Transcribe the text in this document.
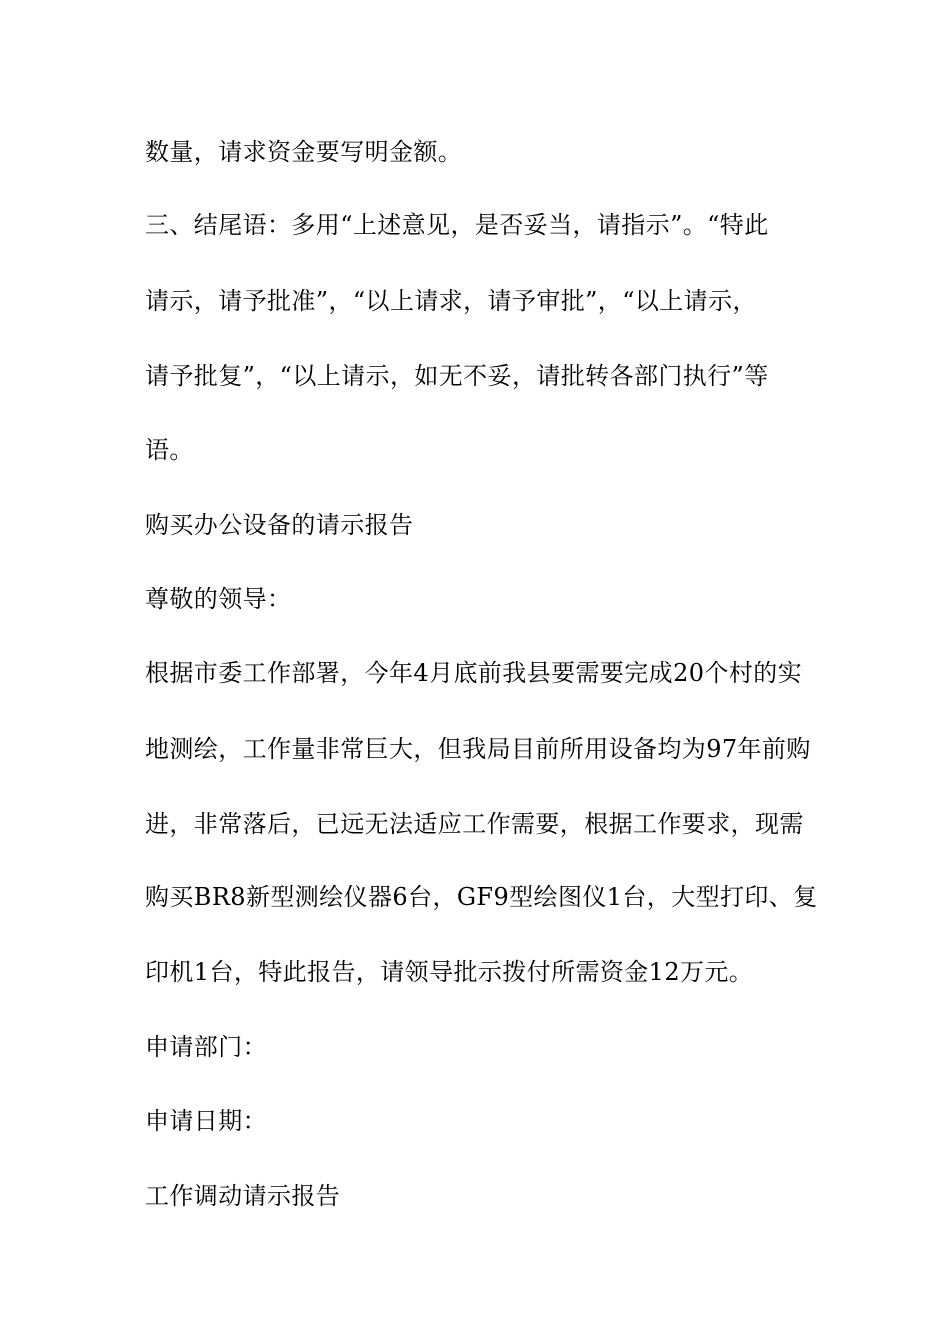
数量，请求资金要写明金额。
三、结尾语：多用“上述意见，是否妥当，请指示”。“特此
请示，请予批准”，“以上请求，请予审批”，“以上请示，
请予批复”，“以上请示，如无不妥，请批转各部门执行”等
语。
购买办公设备的请示报告
尊敬的领导：
根据市委工作部署，今年4月底前我县要需要完成20个村的实
地测绘，工作量非常巨大，但我局目前所用设备均为97年前购
进，非常落后，已远无法适应工作需要，根据工作要求，现需
购买BR8新型测绘仪器6台，GF9型绘图仪1台，大型打印、复
印机1台，特此报告，请领导批示拨付所需资金12万元。
申请部门：
申请日期：
工作调动请示报告
